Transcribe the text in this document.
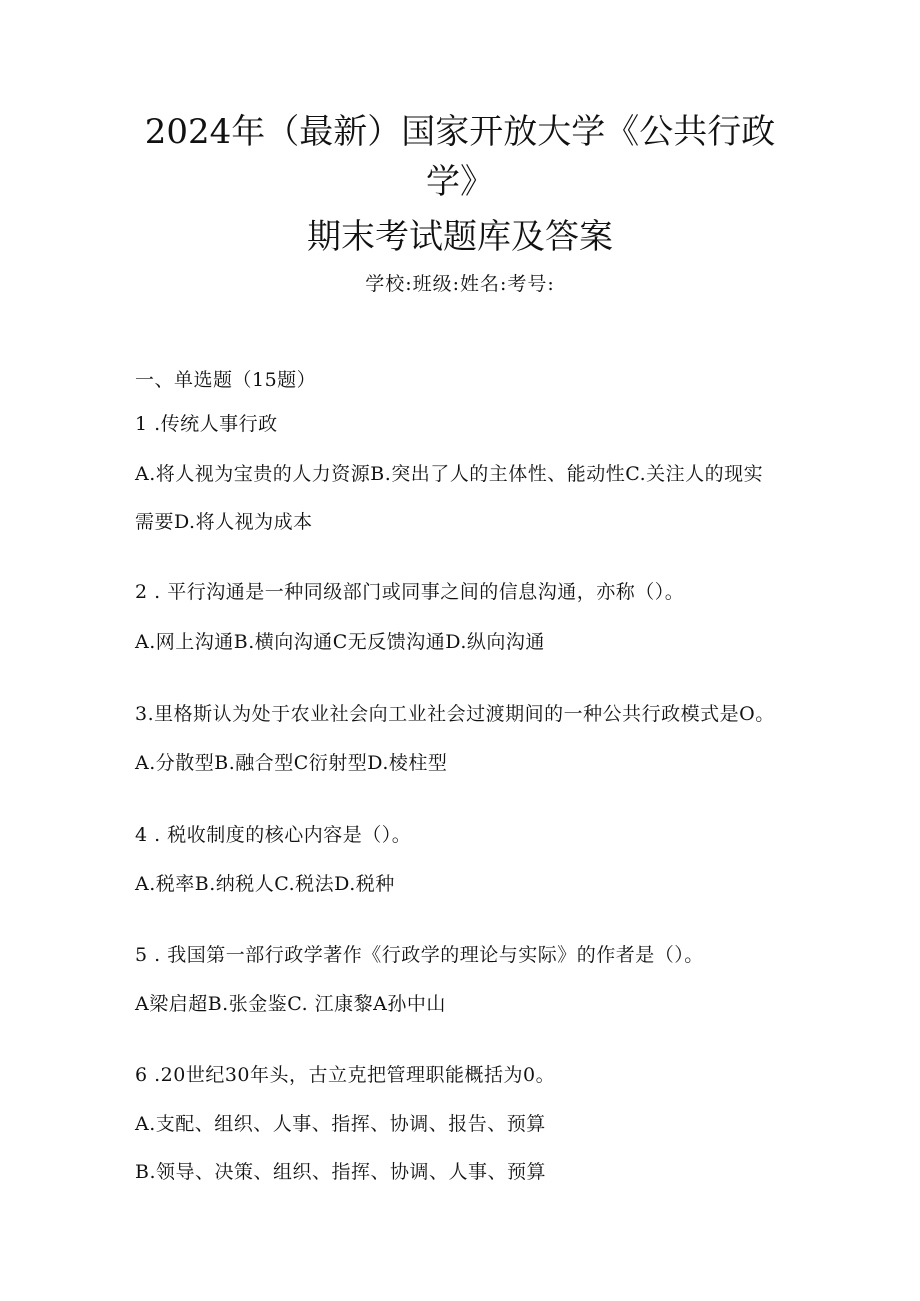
2024年（最新）国家开放大学《公共行政
学》
期末考试题库及答案
学校:班级:姓名:考号:
一、单选题（15题）
1 .传统人事行政
A.将人视为宝贵的人力资源B.突出了人的主体性、能动性C.关注人的现实
需要D.将人视为成本
2 . 平行沟通是一种同级部门或同事之间的信息沟通，亦称（）。
A.网上沟通B.横向沟通C无反馈沟通D.纵向沟通
3.里格斯认为处于农业社会向工业社会过渡期间的一种公共行政模式是O。
A.分散型B.融合型C衍射型D.棱柱型
4 . 税收制度的核心内容是（）。
A.税率B.纳税人C.税法D.税种
5 . 我国第一部行政学著作《行政学的理论与实际》的作者是（）。
A梁启超B.张金鉴C. 江康黎A孙中山
6 .20世纪30年头，古立克把管理职能概括为0。
A.支配、组织、人事、指挥、协调、报告、预算
B.领导、决策、组织、指挥、协调、人事、预算
